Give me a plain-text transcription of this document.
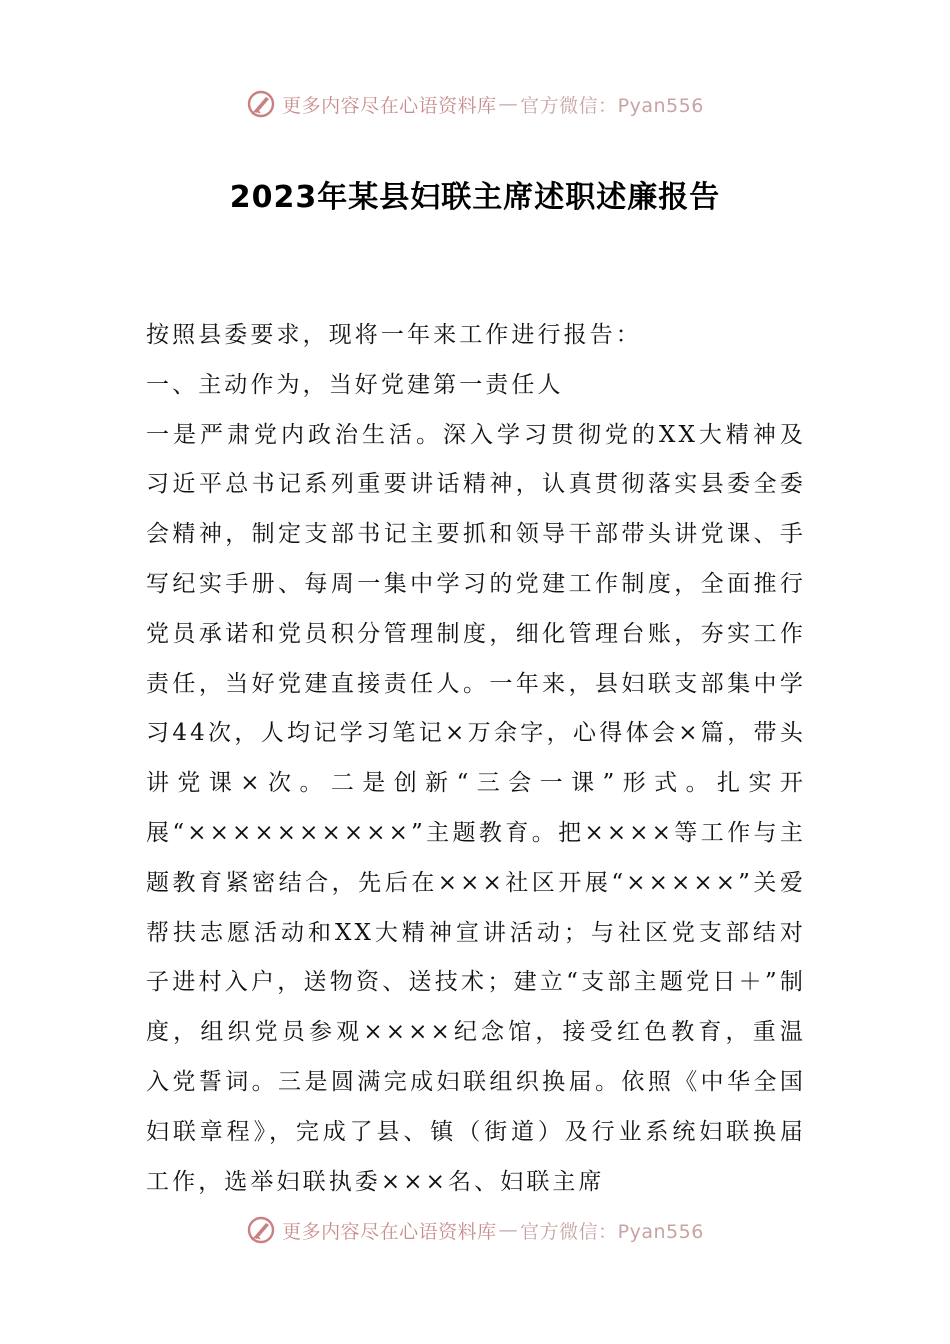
更多内容尽在心语资料库 — 官方微信：Pyan556
2023年某县妇联主席述职述廉报告

按照县委要求，现将一年来工作进行报告：

一、主动作为，当好党建第一责任人

一是严肃党内政治生活。深入学习贯彻党的XX大精神及习近平总书记系列重要讲话精神，认真贯彻落实县委全委会精神，制定支部书记主要抓和领导干部带头讲党课、手写纪实手册、每周一集中学习的党建工作制度，全面推行党员承诺和党员积分管理制度，细化管理台账，夯实工作责任，当好党建直接责任人。一年来，县妇联支部集中学习44次，人均记学习笔记×万余字，心得体会×篇，带头讲党课×次。二是创新“三会一课”形式。扎实开展“××××××××××”主题教育。把××××等工作与主题教育紧密结合，先后在×××社区开展“×××××”关爱帮扶志愿活动和XX大精神宣讲活动；与社区党支部结对子进村入户，送物资、送技术；建立“支部主题党日＋”制度，组织党员参观××××纪念馆，接受红色教育，重温入党誓词。三是圆满完成妇联组织换届。依照《中华全国妇联章程》，完成了县、镇（街道）及行业系统妇联换届工作，选举妇联执委×××名、妇联主席

更多内容尽在心语资料库 — 官方微信：Pyan556
